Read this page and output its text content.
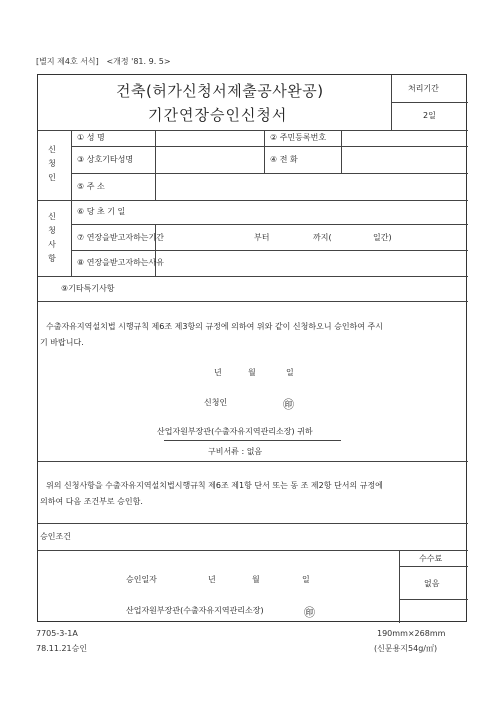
[별지 제4호 서식] <개정 '81. 9. 5>
건축(허가신청서제출공사완공)
기간연장승인신청서
처리기간
2일
신
청
인
① 성 명	② 주민등록번호
③ 상호기타성명	④ 전 화
⑤ 주 소
신
청
사
항
⑥ 당 초 기 일
⑦ 연장을받고자하는기간	부터	까지(	일간)
⑧ 연장을받고자하는사유
⑨기타특기사항
수출자유지역설치법 시행규칙 제6조 제3항의 규정에 의하여 위와 같이 신청하오니 승인하여 주시
기 바랍니다.
년	월	일
신청인	㊞
산업자원부장관(수출자유지역관리소장) 귀하
구비서류 : 없음
위의 신청사항을 수출자유지역설치법시행규칙 제6조 제1항 단서 또는 동 조 제2항 단서의 규정에
의하여 다음 조건부로 승인함.
승인조건
수수료
없음
승인일자	년	월	일
산업자원부장관(수출자유지역관리소장)	㊞
7705-3-1A
78.11.21승인
190mm×268mm
(신문용지54g/㎡)
